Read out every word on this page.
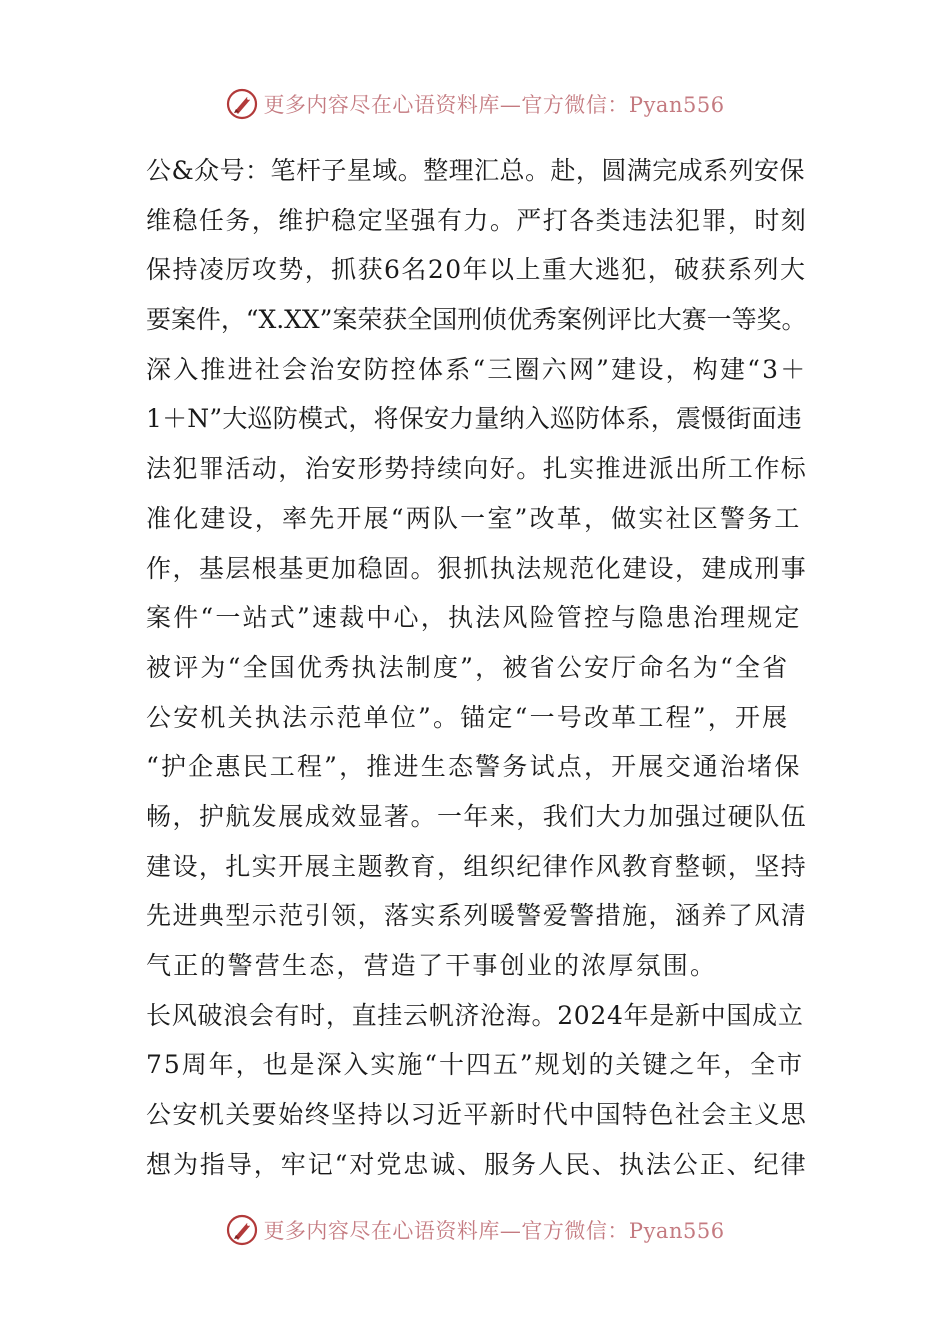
更多内容尽在心语资料库—官方微信：Pyan556
公&众号：笔杆子星域。整理汇总。赴，圆满完成系列安保
维稳任务，维护稳定坚强有力。严打各类违法犯罪，时刻
保持凌厉攻势，抓获6名20年以上重大逃犯，破获系列大
要案件，“X.XX”案荣获全国刑侦优秀案例评比大赛一等奖。
深入推进社会治安防控体系“三圈六网”建设，构建“3＋
1＋N”大巡防模式，将保安力量纳入巡防体系，震慑街面违
法犯罪活动，治安形势持续向好。扎实推进派出所工作标
准化建设，率先开展“两队一室”改革，做实社区警务工
作，基层根基更加稳固。狠抓执法规范化建设，建成刑事
案件“一站式”速裁中心，执法风险管控与隐患治理规定
被评为“全国优秀执法制度”，被省公安厅命名为“全省
公安机关执法示范单位”。锚定“一号改革工程”，开展
“护企惠民工程”，推进生态警务试点，开展交通治堵保
畅，护航发展成效显著。一年来，我们大力加强过硬队伍
建设，扎实开展主题教育，组织纪律作风教育整顿，坚持
先进典型示范引领，落实系列暖警爱警措施，涵养了风清
气正的警营生态，营造了干事创业的浓厚氛围。
长风破浪会有时，直挂云帆济沧海。2024年是新中国成立
75周年，也是深入实施“十四五”规划的关键之年，全市
公安机关要始终坚持以习近平新时代中国特色社会主义思
想为指导，牢记“对党忠诚、服务人民、执法公正、纪律
更多内容尽在心语资料库—官方微信：Pyan556
